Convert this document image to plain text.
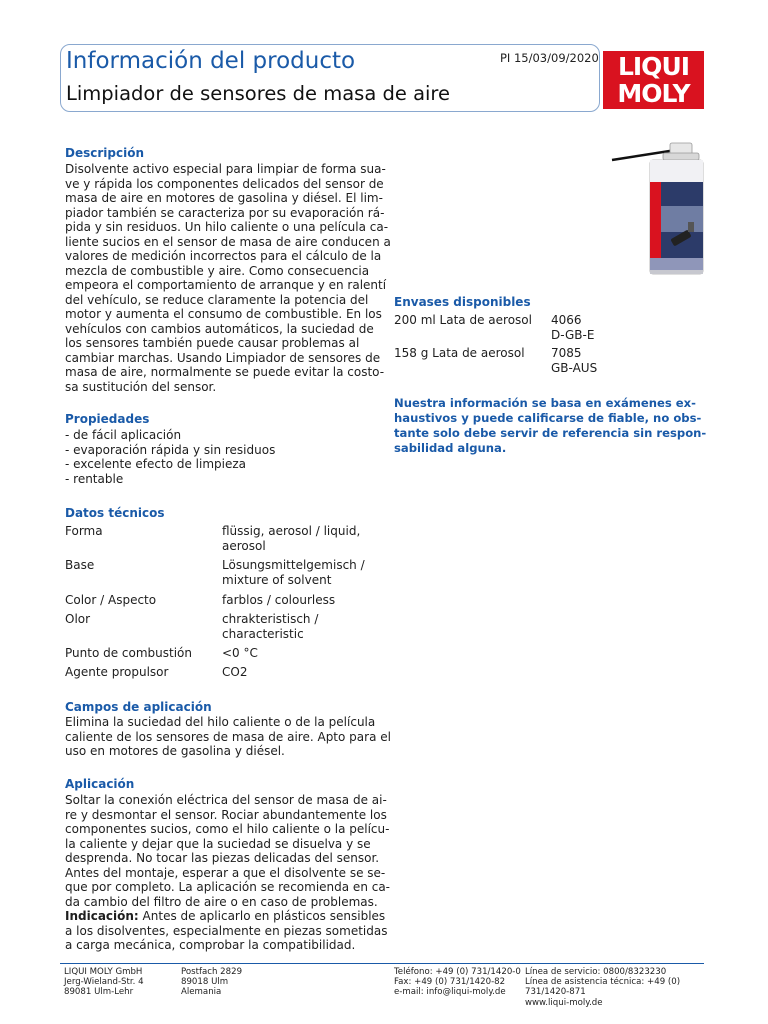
Información del producto
Limpiador de sensores de masa de aire
PI 15/03/09/2020 LIQUI
MOLY
Descripción
Disolvente activo especial para limpiar de forma sua-
ve y rápida los componentes delicados del sensor de
masa de aire en motores de gasolina y diésel. El lim-
piador también se caracteriza por su evaporación rá-
pida y sin residuos. Un hilo caliente o una película ca-
liente sucios en el sensor de masa de aire conducen a
valores de medición incorrectos para el cálculo de la
mezcla de combustible y aire. Como consecuencia
empeora el comportamiento de arranque y en ralentí
del vehículo, se reduce claramente la potencia del
motor y aumenta el consumo de combustible. En los
vehículos con cambios automáticos, la suciedad de
los sensores también puede causar problemas al
cambiar marchas. Usando Limpiador de sensores de
masa de aire, normalmente se puede evitar la costo-
sa sustitución del sensor.
Propiedades
- de fácil aplicación
- evaporación rápida y sin residuos
- excelente efecto de limpieza
- rentable
Datos técnicos
Forma	flüssig, aerosol / liquid,
aerosol
Base	Lösungsmittelgemisch /
mixture of solvent
Color / Aspecto	farblos / colourless
Olor	chrakteristisch /
characteristic
Punto de combustión <0 °C
Agente propulsor	CO2
Campos de aplicación
Elimina la suciedad del hilo caliente o de la película
caliente de los sensores de masa de aire. Apto para el
uso en motores de gasolina y diésel.
Aplicación
Soltar la conexión eléctrica del sensor de masa de ai-
re y desmontar el sensor. Rociar abundantemente los
componentes sucios, como el hilo caliente o la pelícu-
la caliente y dejar que la suciedad se disuelva y se
desprenda. No tocar las piezas delicadas del sensor.
Antes del montaje, esperar a que el disolvente se se-
que por completo. La aplicación se recomienda en ca-
da cambio del filtro de aire o en caso de problemas.
Indicación: Antes de aplicarlo en plásticos sensibles
a los disolventes, especialmente en piezas sometidas
a carga mecánica, comprobar la compatibilidad.
Envases disponibles
200 ml Lata de aerosol 4066
D-GB-E
158 g Lata de aerosol 7085
GB-AUS
Nuestra información se basa en exámenes ex-
haustivos y puede calificarse de fiable, no obs-
tante solo debe servir de referencia sin respon-
sabilidad alguna.
LIQUI MOLY GmbH
Jerg-Wieland-Str. 4
89081 Ulm-Lehr
Postfach 2829
89018 Ulm
Alemania
Teléfono: +49 (0) 731/1420-0
Fax: +49 (0) 731/1420-82
e-mail: info@liqui-moly.de
Línea de servicio: 0800/8323230
Línea de asistencia técnica: +49 (0)
731/1420-871
www.liqui-moly.de
